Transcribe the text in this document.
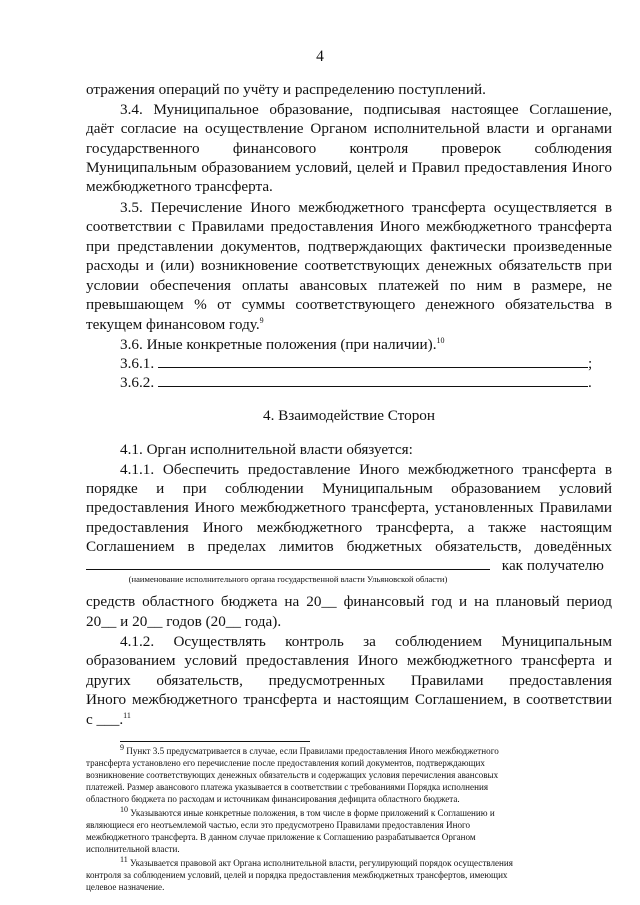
4
отражения операций по учёту и распределению поступлений.
3.4. Муниципальное образование, подписывая настоящее Соглашение,
даёт согласие на осуществление Органом исполнительной власти и органами
государственного финансового контроля проверок соблюдения
Муниципальным образованием условий, целей и Правил предоставления Иного
межбюджетного трансферта.
3.5. Перечисление Иного межбюджетного трансферта осуществляется в
соответствии с Правилами предоставления Иного межбюджетного трансферта
при представлении документов, подтверждающих фактически произведенные
расходы и (или) возникновение соответствующих денежных обязательств при
условии обеспечения оплаты авансовых платежей по ним в размере, не
превышающем % от суммы соответствующего денежного обязательства в
текущем финансовом году.$^9$
3.6. Иные конкретные положения (при наличии).$^{10}$
3.6.1.	;
3.6.2.	.
4. Взаимодействие Сторон
4.1. Орган исполнительной власти обязуется:
4.1.1. Обеспечить предоставление Иного межбюджетного трансферта в
порядке и при соблюдении Муниципальным образованием условий
предоставления Иного межбюджетного трансферта, установленных Правилами
предоставления Иного межбюджетного трансферта, а также настоящим
Соглашением в пределах лимитов бюджетных обязательств, доведённых
как получателю
(наименование исполнительного органа государственной власти Ульяновской области)
средств областного бюджета на 20__ финансовый год и на плановый период
20__ и 20__ годов (20__ года).
4.1.2. Осуществлять контроль за соблюдением Муниципальным
образованием условий предоставления Иного межбюджетного трансферта и
других обязательств, предусмотренных Правилами предоставления
Иного межбюджетного трансферта и настоящим Соглашением, в соответствии
с ___.$^{11}$
9 Пункт 3.5 предусматривается в случае, если Правилами предоставления Иного межбюджетного
трансферта установлено его перечисление после предоставления копий документов, подтверждающих
возникновение соответствующих денежных обязательств и содержащих условия перечисления авансовых
платежей. Размер авансового платежа указывается в соответствии с требованиями Порядка исполнения
областного бюджета по расходам и источникам финансирования дефицита областного бюджета.
10 Указываются иные конкретные положения, в том числе в форме приложений к Соглашению и
являющиеся его неотъемлемой частью, если это предусмотрено Правилами предоставления Иного
межбюджетного трансферта. В данном случае приложение к Соглашению разрабатывается Органом
исполнительной власти.
11 Указывается правовой акт Органа исполнительной власти, регулирующий порядок осуществления
контроля за соблюдением условий, целей и порядка предоставления межбюджетных трансфертов, имеющих
целевое назначение.
